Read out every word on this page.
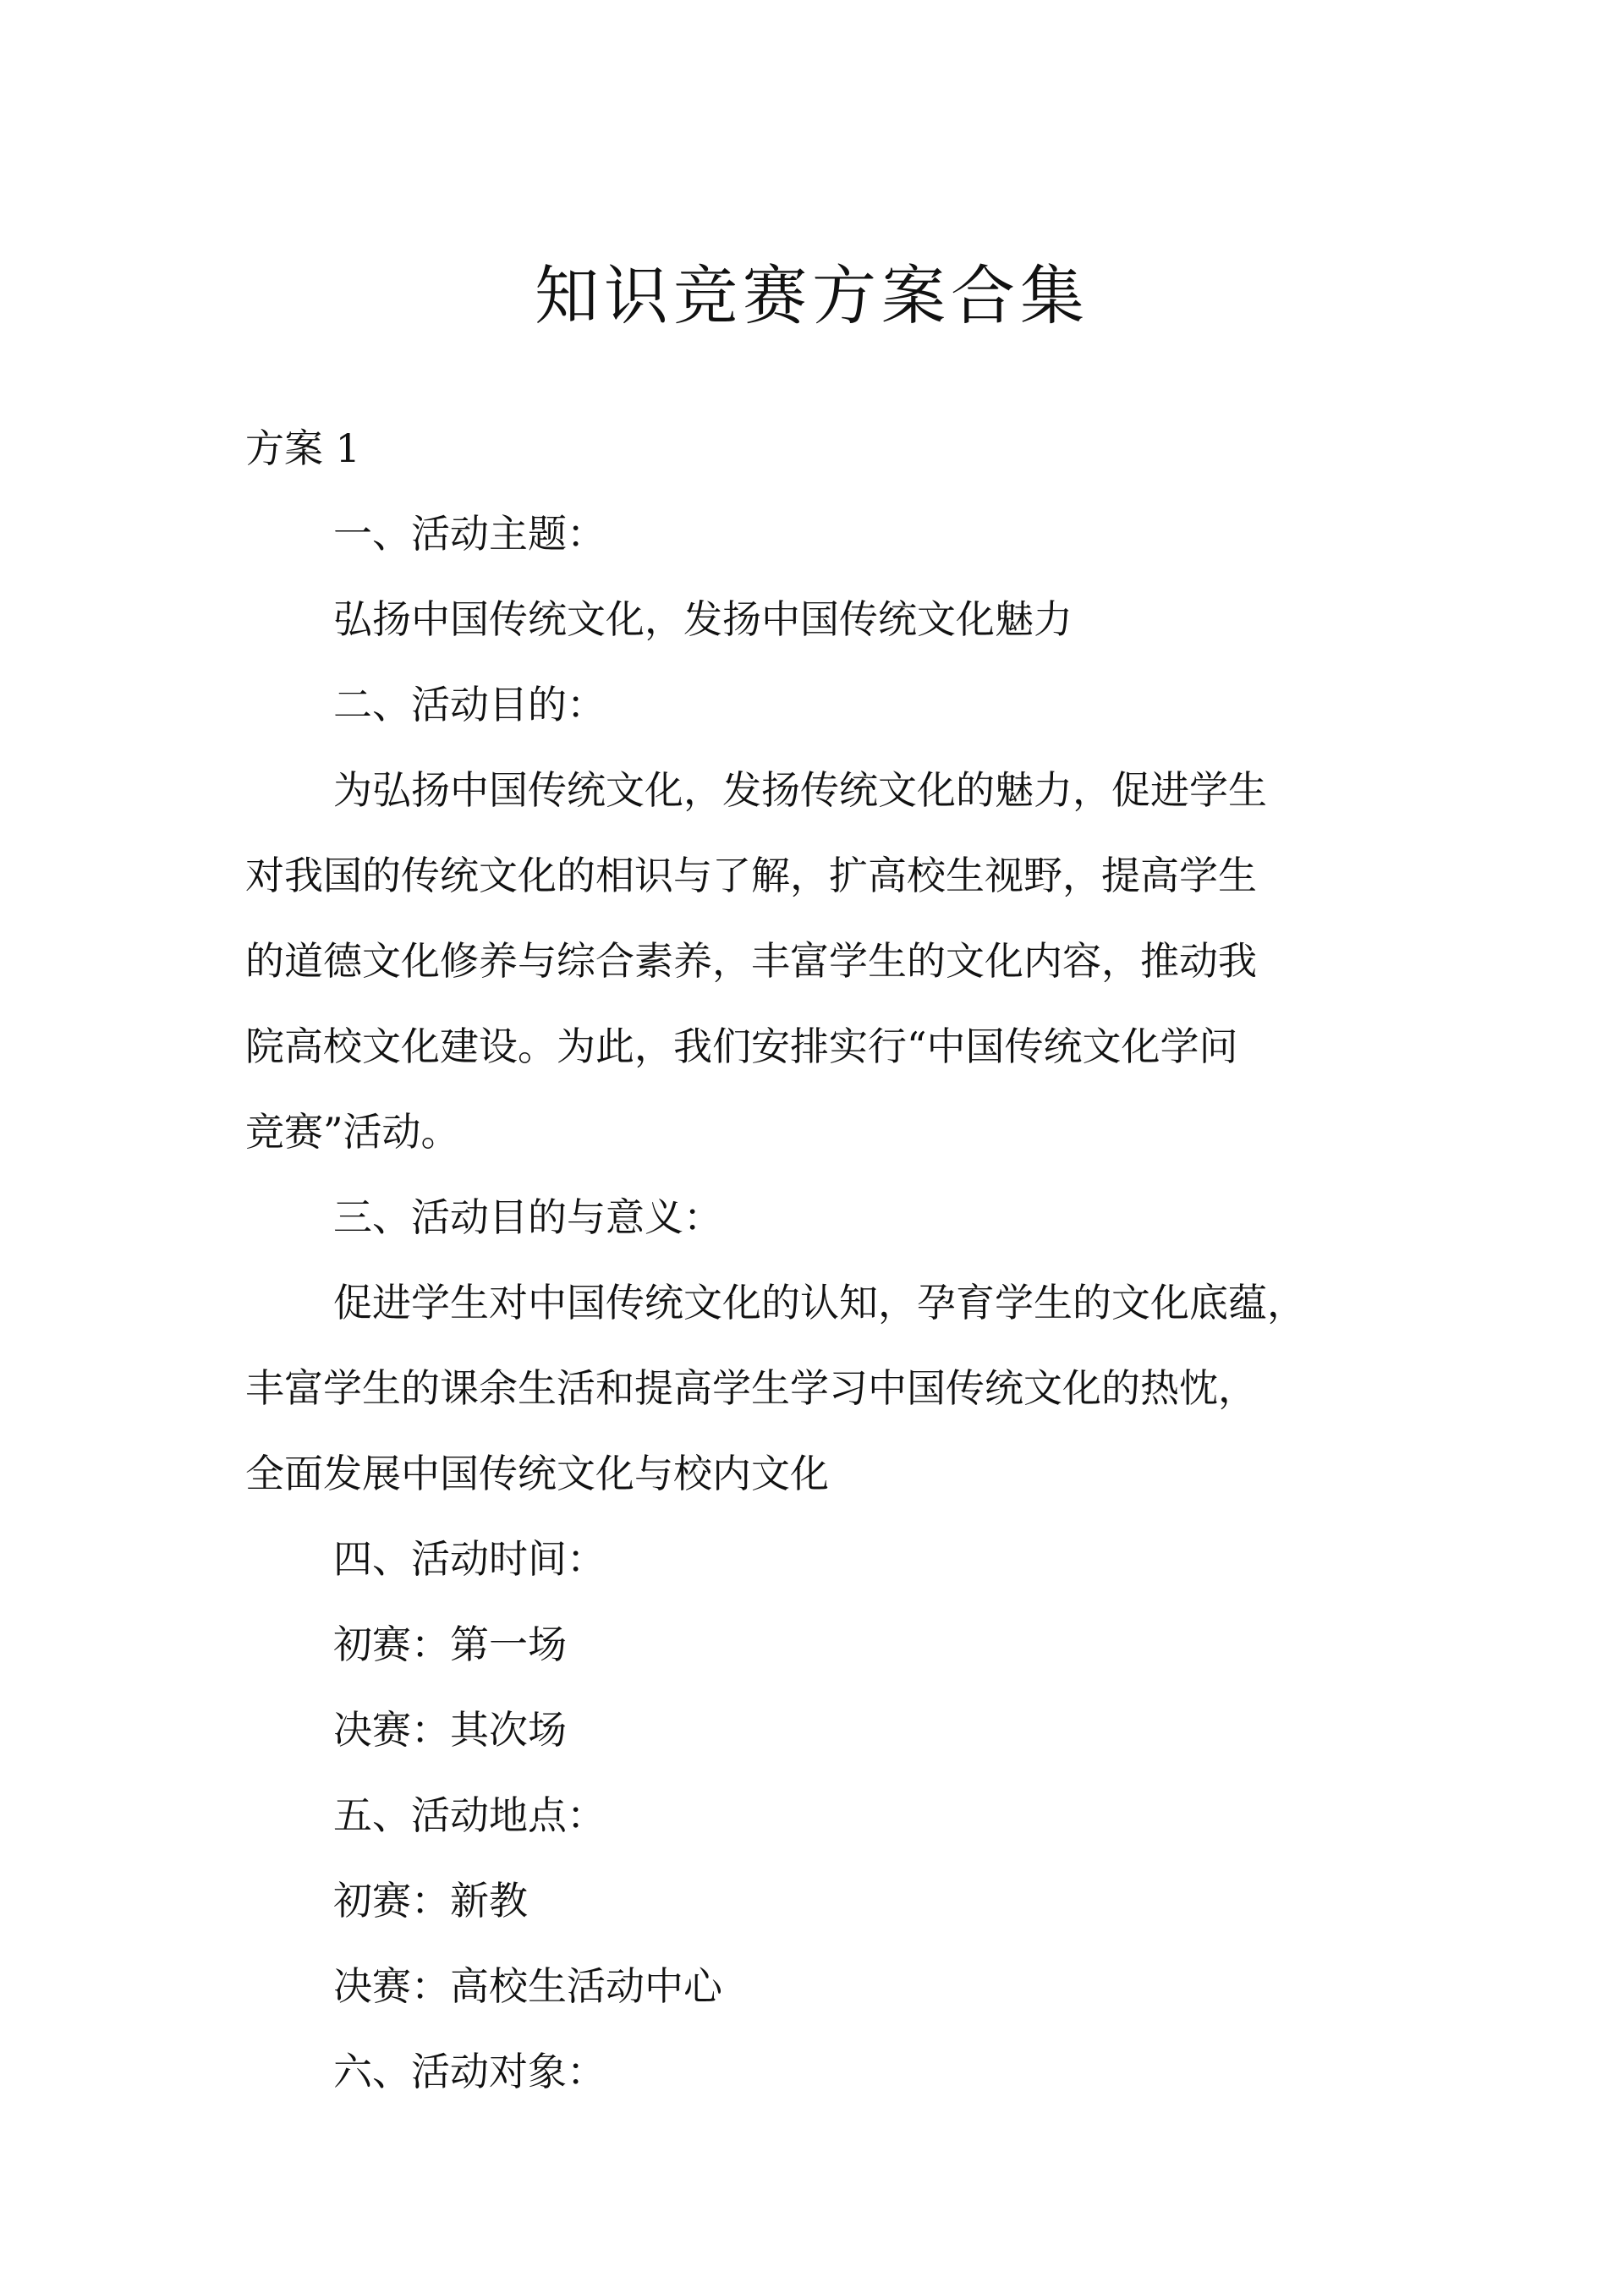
知识竞赛方案合集
方案 1
一、活动主题：
弘扬中国传统文化，发扬中国传统文化魅力
二、活动目的：
为弘扬中国传统文化，发扬传统文化的魅力，促进学生
对我国的传统文化的相识与了解，扩高校生视野，提高学生
的道德文化修养与综合素养，丰富学生的文化内容，推动我
院高校文化建设。为此，我们安排实行“中国传统文化学问
竞赛”活动。
三、活动目的与意义：
促进学生对中国传统文化的认知，孕育学生的文化底蕴，
丰富学生的课余生活和提高学生学习中国传统文化的热忱，
全面发展中国传统文化与校内文化
四、活动时间：
初赛：第一场
决赛：其次场
五、活动地点：
初赛：新教
决赛：高校生活动中心
六、活动对象：
